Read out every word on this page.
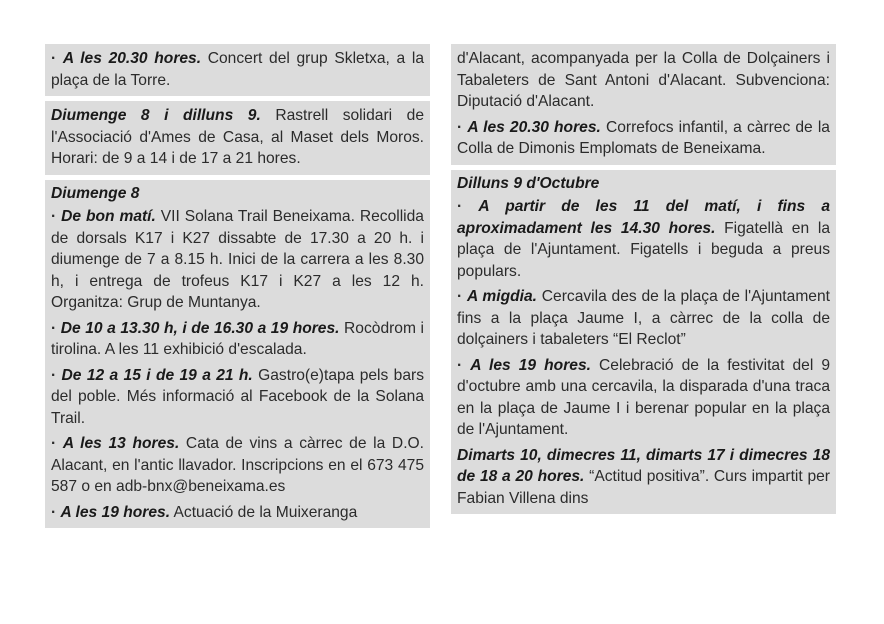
· A les 20.30 hores. Concert del grup Skletxa, a la plaça de la Torre.
Diumenge 8 i dilluns 9. Rastrell solidari de l'Associació d'Ames de Casa, al Maset dels Moros. Horari: de 9 a 14 i de 17 a 21 hores.
Diumenge 8
· De bon matí. VII Solana Trail Beneixama. Recollida de dorsals K17 i K27 dissabte de 17.30 a 20 h. i diumenge de 7 a 8.15 h. Inici de la carrera a les 8.30 h, i entrega de trofeus K17 i K27 a les 12 h. Organitza: Grup de Muntanya.
· De 10 a 13.30 h, i de 16.30 a 19 hores. Rocòdrom i tirolina. A les 11 exhibició d'escalada.
· De 12 a 15 i de 19 a 21 h. Gastro(e)tapa pels bars del poble. Més informació al Facebook de la Solana Trail.
· A les 13 hores. Cata de vins a càrrec de la D.O. Alacant, en l'antic llavador. Inscripcions en el 673 475 587 o en adb-bnx@beneixama.es
· A les 19 hores. Actuació de la Muixeranga
d'Alacant, acompanyada per la Colla de Dolçainers i Tabaleters de Sant Antoni d'Alacant. Subvenciona: Diputació d'Alacant.
· A les 20.30 hores. Correfocs infantil, a càrrec de la Colla de Dimonis Emplomats de Beneixama.
Dilluns 9 d'Octubre
· A partir de les 11 del matí, i fins a aproximadament les 14.30 hores. Figatellà en la plaça de l'Ajuntament. Figatells i beguda a preus populars.
· A migdia. Cercavila des de la plaça de l'Ajuntament fins a la plaça Jaume I, a càrrec de la colla de dolçainers i tabaleters “El Reclot”
· A les 19 hores. Celebració de la festivitat del 9 d'octubre amb una cercavila, la disparada d'una traca en la plaça de Jaume I i berenar popular en la plaça de l'Ajuntament.
Dimarts 10, dimecres 11, dimarts 17 i dimecres 18 de 18 a 20 hores. “Actitud positiva”. Curs impartit per Fabian Villena dins
